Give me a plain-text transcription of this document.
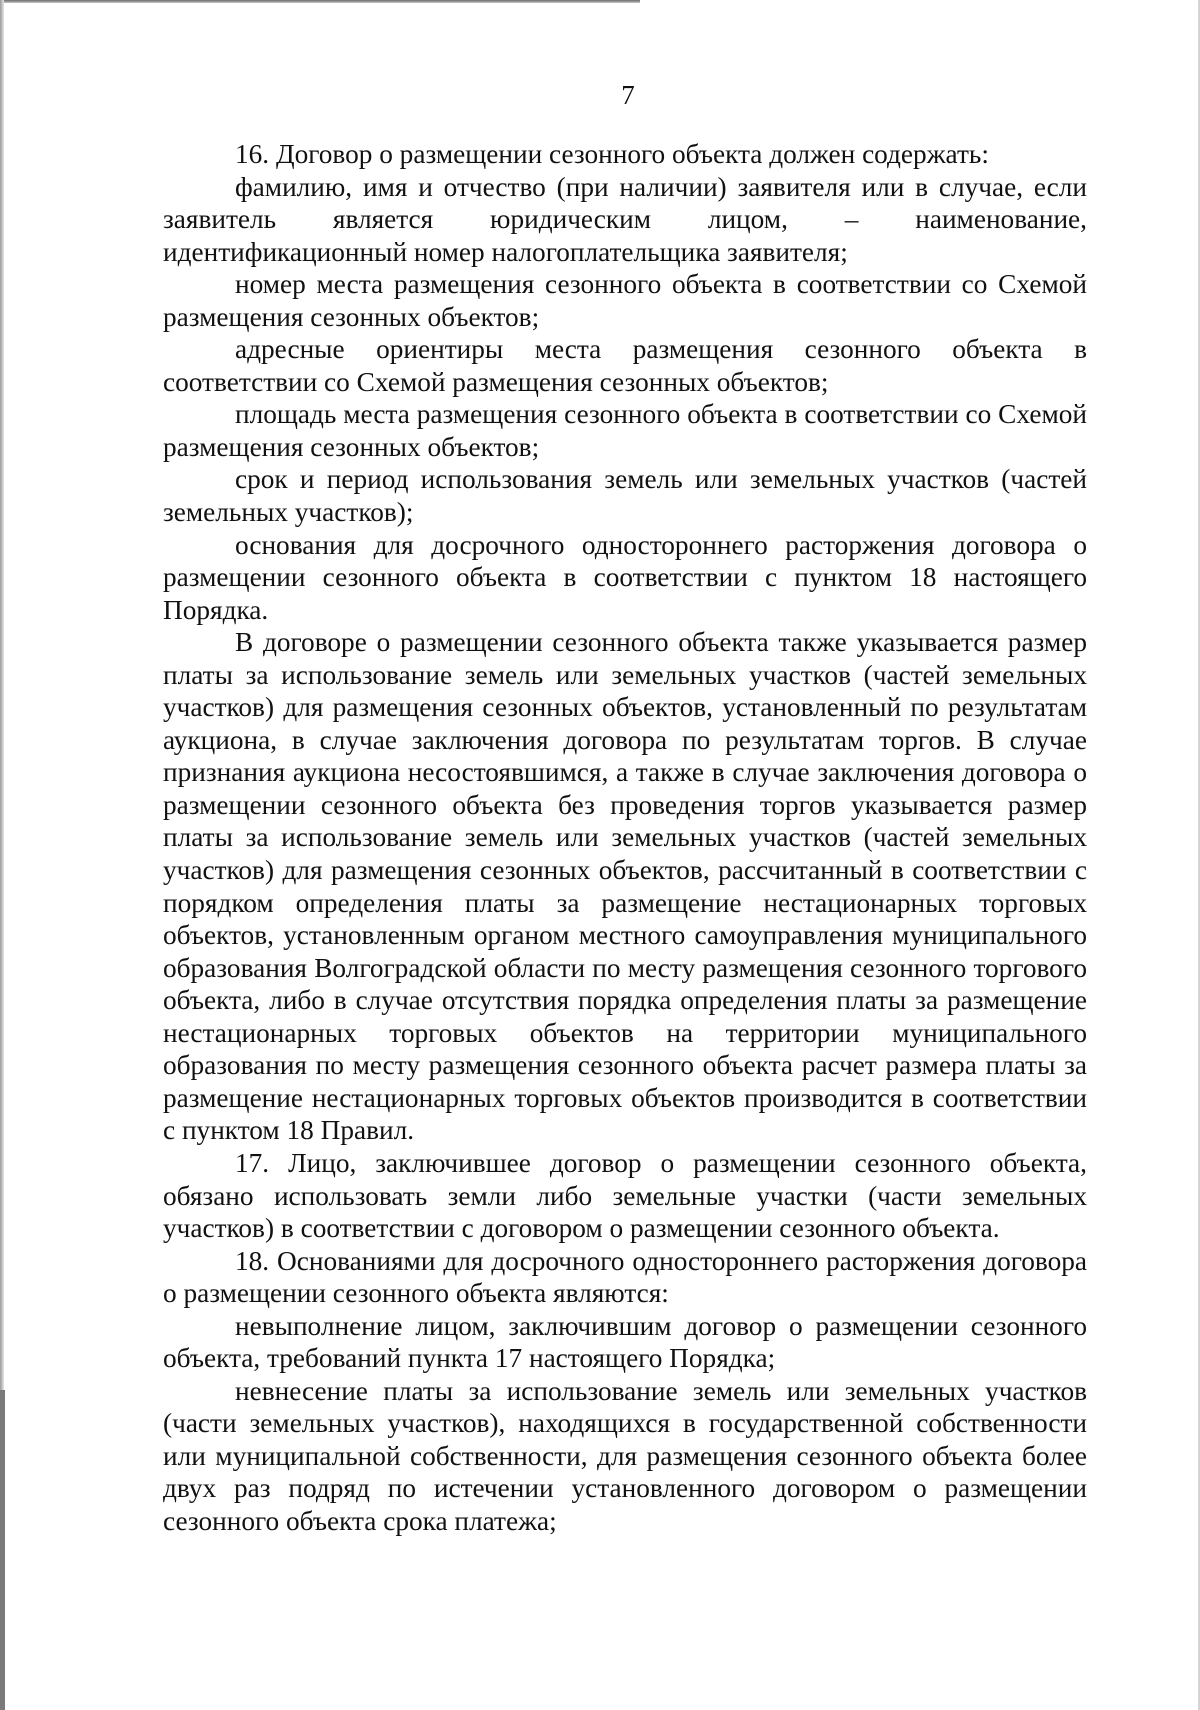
7

16. Договор о размещении сезонного объекта должен содержать:

фамилию, имя и отчество (при наличии) заявителя или в случае, если заявитель является юридическим лицом, – наименование, идентификационный номер налогоплательщика заявителя;

номер места размещения сезонного объекта в соответствии со Схемой размещения сезонных объектов;

адресные ориентиры места размещения сезонного объекта в соответствии со Схемой размещения сезонных объектов;

площадь места размещения сезонного объекта в соответствии со Схемой размещения сезонных объектов;

срок и период использования земель или земельных участков (частей земельных участков);

основания для досрочного одностороннего расторжения договора о размещении сезонного объекта в соответствии с пунктом 18 настоящего Порядка.

В договоре о размещении сезонного объекта также указывается размер платы за использование земель или земельных участков (частей земельных участков) для размещения сезонных объектов, установленный по результатам аукциона, в случае заключения договора по результатам торгов. В случае признания аукциона несостоявшимся, а также в случае заключения договора о размещении сезонного объекта без проведения торгов указывается размер платы за использование земель или земельных участков (частей земельных участков) для размещения сезонных объектов, рассчитанный в соответствии с порядком определения платы за размещение нестационарных торговых объектов, установленным органом местного самоуправления муниципального образования Волгоградской области по месту размещения сезонного торгового объекта, либо в случае отсутствия порядка определения платы за размещение нестационарных торговых объектов на территории муниципального образования по месту размещения сезонного объекта расчет размера платы за размещение нестационарных торговых объектов производится в соответствии с пунктом 18 Правил.

17. Лицо, заключившее договор о размещении сезонного объекта, обязано использовать земли либо земельные участки (части земельных участков) в соответствии с договором о размещении сезонного объекта.

18. Основаниями для досрочного одностороннего расторжения договора о размещении сезонного объекта являются:

невыполнение лицом, заключившим договор о размещении сезонного объекта, требований пункта 17 настоящего Порядка;

невнесение платы за использование земель или земельных участков (части земельных участков), находящихся в государственной собственности или муниципальной собственности, для размещения сезонного объекта более двух раз подряд по истечении установленного договором о размещении сезонного объекта срока платежа;
